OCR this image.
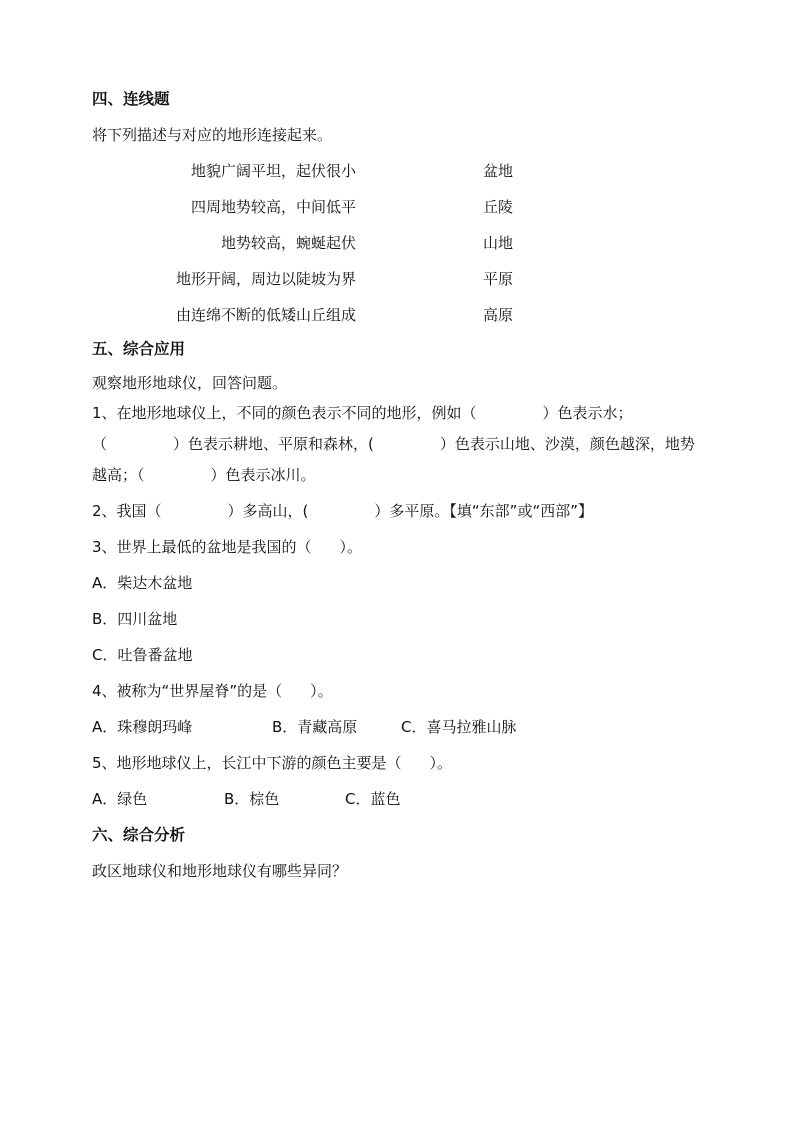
四、连线题
将下列描述与对应的地形连接起来。
地貌广阔平坦，起伏很小	盆地
四周地势较高，中间低平	丘陵
地势较高，蜿蜒起伏	山地
地形开阔，周边以陡坡为界	平原
由连绵不断的低矮山丘组成	高原
五、综合应用
观察地形地球仪，回答问题。
1、在地形地球仪上，不同的颜色表示不同的地形，例如（	）色表示水；
（	）色表示耕地、平原和森林，(	）色表示山地、沙漠，颜色越深，地势
越高；（	）色表示冰川。
2、我国（	）多高山，(	）多平原。【填“东部”或“西部”】
3、世界上最低的盆地是我国的（ ）。
A．柴达木盆地
B．四川盆地
C．吐鲁番盆地
4、被称为“世界屋脊”的是（ ）。
A．珠穆朗玛峰	B．青藏高原	C．喜马拉雅山脉
5、地形地球仪上，长江中下游的颜色主要是（ ）。
A．绿色	B．棕色	C．蓝色
六、综合分析
政区地球仪和地形地球仪有哪些异同？
